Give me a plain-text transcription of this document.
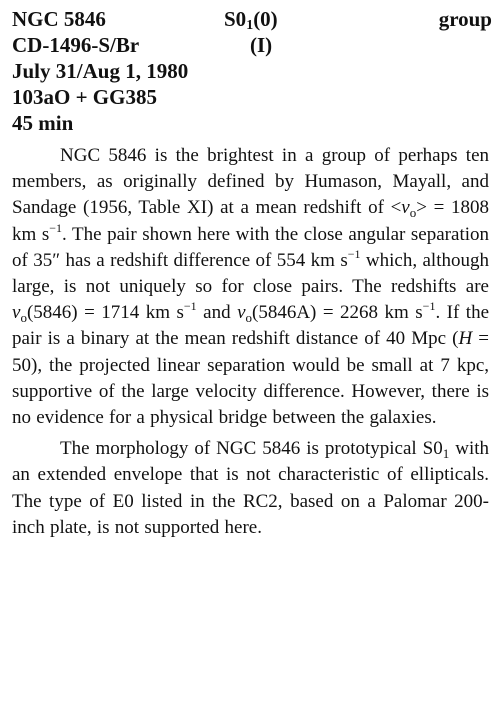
NGC 5846	S01(0)	group
CD-1496-S/Br	(I)
July 31/Aug 1, 1980
103aO + GG385
45 min

NGC 5846 is the brightest in a group of perhaps ten members, as originally defined by Humason, Mayall, and Sandage (1956, Table XI) at a mean redshift of $<v_o> = 1808$ km $s^{-1}$. The pair shown here with the close angular separation of 35″ has a redshift difference of 554 km $s^{-1}$ which, although large, is not uniquely so for close pairs. The redshifts are $v_o(5846) = 1714$ km $s^{-1}$ and $v_o(5846A) = 2268$ km $s^{-1}$. If the pair is a binary at the mean redshift distance of 40 Mpc (H = 50), the projected linear separation would be small at 7 kpc, supportive of the large velocity difference. However, there is no evidence for a physical bridge between the galaxies.

The morphology of NGC 5846 is prototypical $S0_1$ with an extended envelope that is not characteristic of ellipticals. The type of E0 listed in the RC2, based on a Palomar 200-inch plate, is not supported here.
